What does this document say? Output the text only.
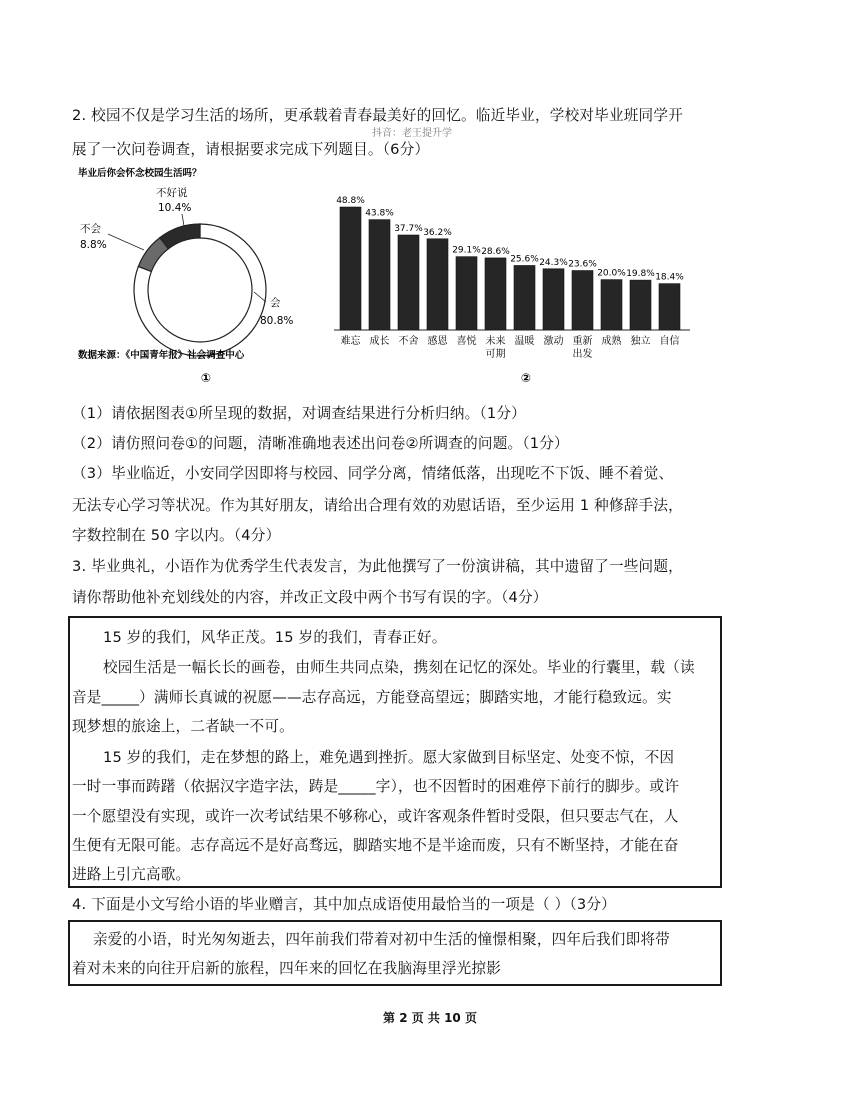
2. 校园不仅是学习生活的场所，更承载着青春最美好的回忆。临近毕业，学校对毕业班同学开
抖音：老王提升学
展了一次问卷调查，请根据要求完成下列题目。（6分）
毕业后你会怀念校园生活吗？
会
80.8%
不会
8.8%
不好说
10.4%
数据来源：《中国青年报》社会调查中心
①
48.8%
难忘
43.8%
成长
37.7%
不舍
36.2%
感恩
29.1%
喜悦
28.6%
未来
可期
25.6%
温暖
24.3%
激动
23.6%
重新
出发
20.0%
成熟
19.8%
独立
18.4%
自信
②
（1）请依据图表①所呈现的数据，对调查结果进行分析归纳。（1分）
（2）请仿照问卷①的问题，清晰准确地表述出问卷②所调查的问题。（1分）
（3）毕业临近，小安同学因即将与校园、同学分离，情绪低落，出现吃不下饭、睡不着觉、
无法专心学习等状况。作为其好朋友，请给出合理有效的劝慰话语，至少运用 1 种修辞手法，
字数控制在 50 字以内。（4分）
3. 毕业典礼，小语作为优秀学生代表发言，为此他撰写了一份演讲稿，其中遗留了一些问题，
请你帮助他补充划线处的内容，并改正文段中两个书写有误的字。（4分）
15 岁的我们，风华正茂。15 岁的我们，青春正好。
校园生活是一幅长长的画卷，由师生共同点染，携刻在记忆的深处。毕业的行囊里，载（读
音是_____）满师长真诚的祝愿——志存高远，方能登高望远；脚踏实地，才能行稳致远。实
现梦想的旅途上，二者缺一不可。
15 岁的我们，走在梦想的路上，难免遇到挫折。愿大家做到目标坚定、处变不惊，不因
一时一事而踌躇（依据汉字造字法，踌是_____字），也不因暂时的困难停下前行的脚步。或许
一个愿望没有实现，或许一次考试结果不够称心，或许客观条件暂时受限，但只要志气在，人
生便有无限可能。志存高远不是好高骛远，脚踏实地不是半途而废，只有不断坚持，才能在奋
进路上引亢高歌。
4. 下面是小文写给小语的毕业赠言，其中加点成语使用最恰当的一项是（ ）（3分）
亲爱的小语，时光匆匆逝去，四年前我们带着对初中生活的憧憬相聚，四年后我们即将带
着对未来的向往开启新的旅程，四年来的回忆在我脑海里浮光掠影
第 2 页 共 10 页
